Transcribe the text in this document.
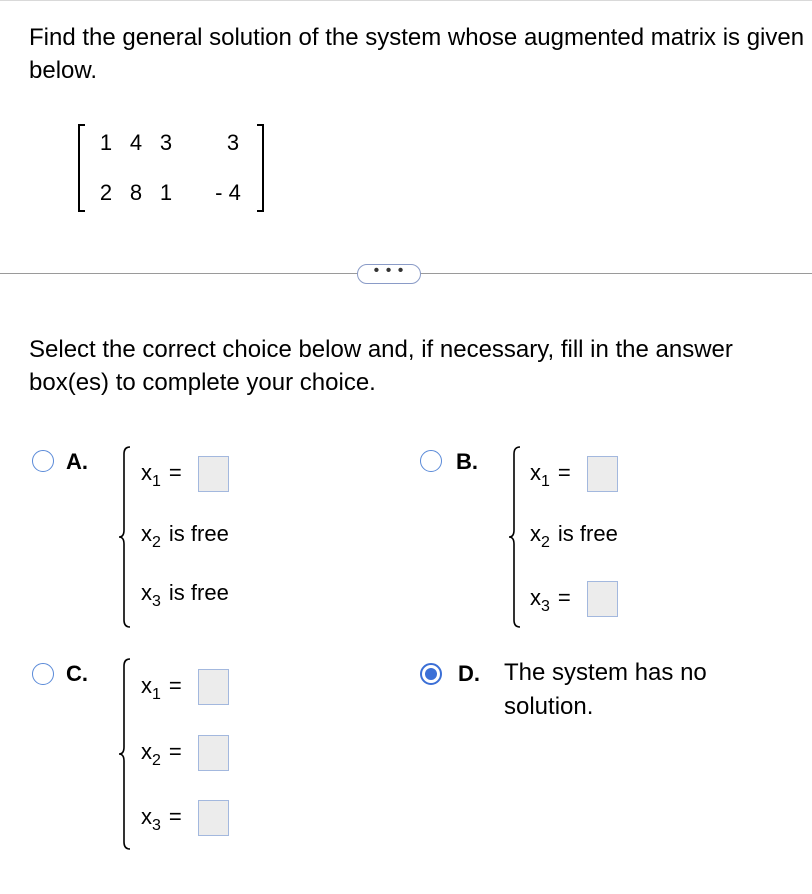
Find the general solution of the system whose augmented matrix is given below.
1 4 3	3
2 8 1	- 4
• • •
Select the correct choice below and, if necessary, fill in the answer box(es) to complete your choice.
A. $x_1$ =
$x_2$ is free
$x_3$ is free
B. $x_1$ =
$x_2$ is free
$x_3$ =
C. $x_1$ =
$x_2$ =
$x_3$ =
D. The system has no solution.
